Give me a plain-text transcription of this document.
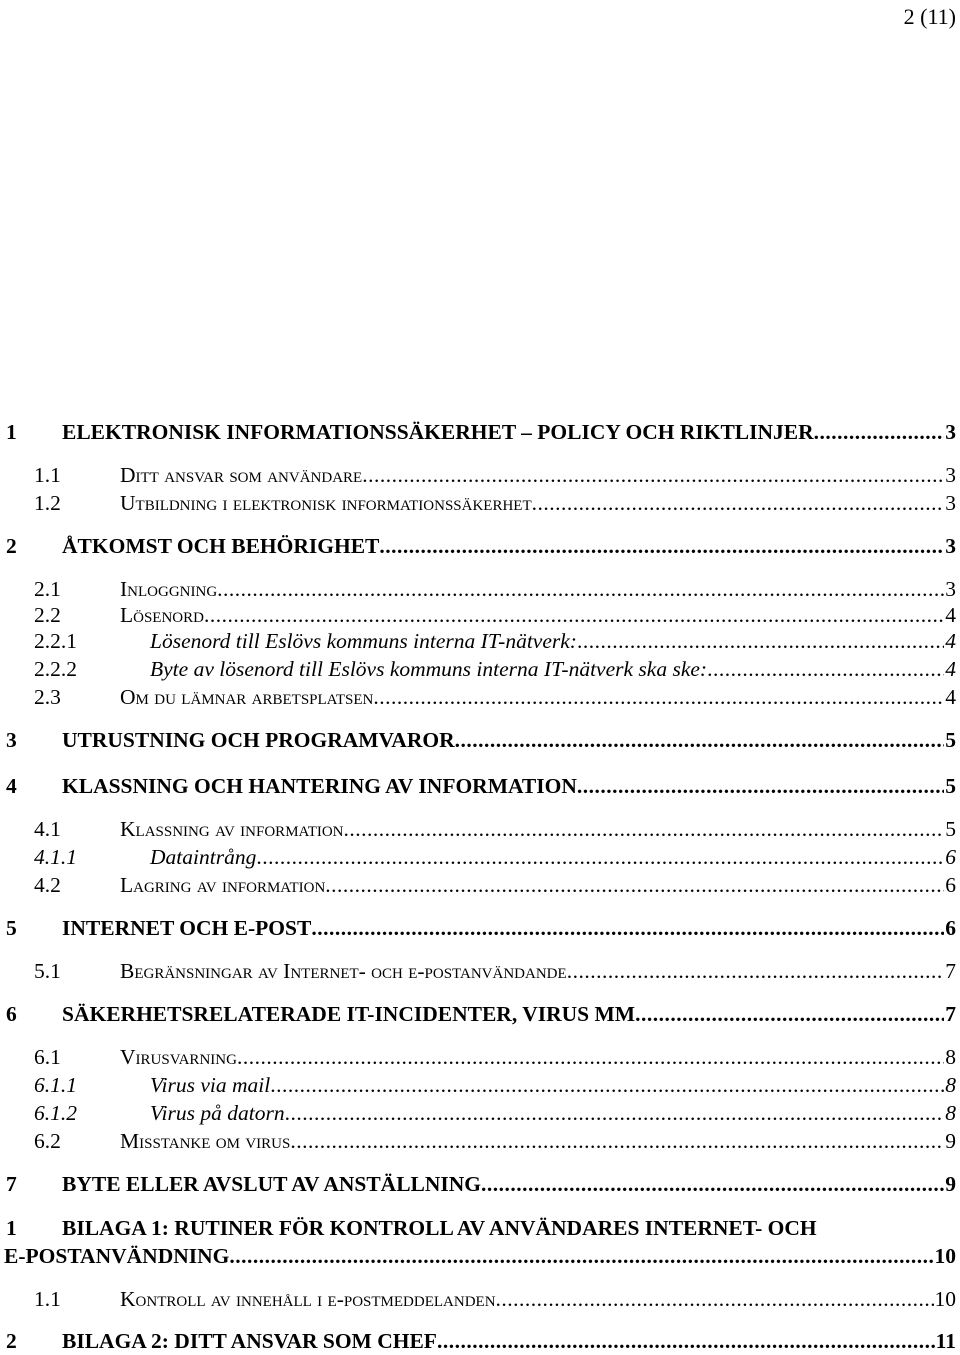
2 (11)
1	ELEKTRONISK INFORMATIONSSÄKERHET – POLICY OCH RIKTLINJER .....	3
1.1	Ditt ansvar som användare .....	3
1.2	Utbildning i elektronisk informationssäkerhet .....	3
2	ÅTKOMST OCH BEHÖRIGHET .....	3
2.1	Inloggning .....	3
2.2	Lösenord .....	4
2.2.1	Lösenord till Eslövs kommuns interna IT-nätverk: .....	4
2.2.2	Byte av lösenord till Eslövs kommuns interna IT-nätverk ska ske: .....	4
2.3	Om du lämnar arbetsplatsen .....	4
3	UTRUSTNING OCH PROGRAMVAROR .....	5
4	KLASSNING OCH HANTERING AV INFORMATION .....	5
4.1	Klassning av information .....	5
4.1.1	Dataintrång .....	6
4.2	Lagring av information .....	6
5	INTERNET OCH E-POST .....	6
5.1	Begränsningar av Internet- och e-postanvändande .....	7
6	SÄKERHETSRELATERADE IT-INCIDENTER, VIRUS MM .....	7
6.1	Virusvarning .....	8
6.1.1	Virus via mail .....	8
6.1.2	Virus på datorn .....	8
6.2	Misstanke om virus .....	9
7	BYTE ELLER AVSLUT AV ANSTÄLLNING .....	9
1 BILAGA 1: RUTINER FÖR KONTROLL AV ANVÄNDARES INTERNET- OCH
E-POSTANVÄNDNING .....	10
1.1	Kontroll av innehåll i e-postmeddelanden .....	10
2	BILAGA 2: DITT ANSVAR SOM CHEF .....	11
